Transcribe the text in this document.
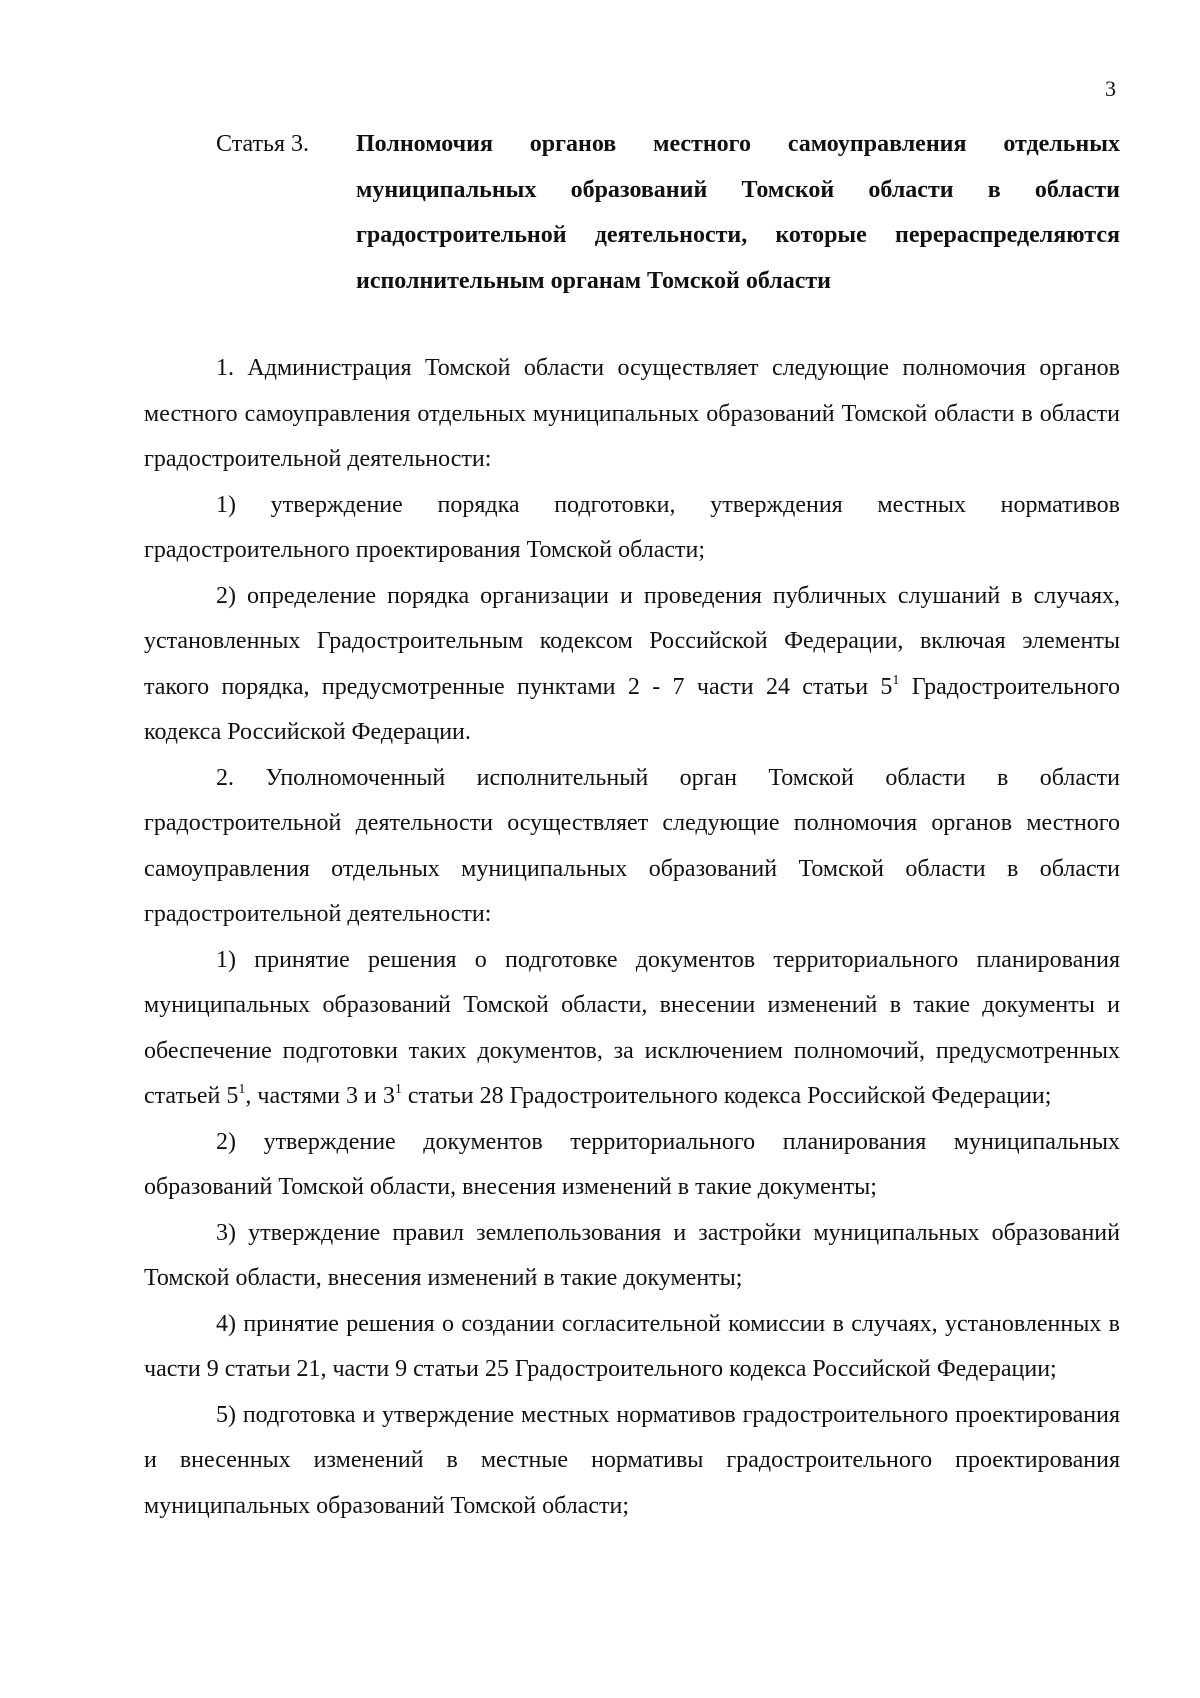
3
Статья 3.	Полномочия органов местного самоуправления отдельных муниципальных образований Томской области в области градостроительной деятельности, которые перераспределяются исполнительным органам Томской области

1. Администрация Томской области осуществляет следующие полномочия органов местного самоуправления отдельных муниципальных образований Томской области в области градостроительной деятельности:

1) утверждение порядка подготовки, утверждения местных нормативов градостроительного проектирования Томской области;

2) определение порядка организации и проведения публичных слушаний в случаях, установленных Градостроительным кодексом Российской Федерации, включая элементы такого порядка, предусмотренные пунктами 2 - 7 части 24 статьи $5^1$ Градостроительного кодекса Российской Федерации.

2. Уполномоченный исполнительный орган Томской области в области градостроительной деятельности осуществляет следующие полномочия органов местного самоуправления отдельных муниципальных образований Томской области в области градостроительной деятельности:

1) принятие решения о подготовке документов территориального планирования муниципальных образований Томской области, внесении изменений в такие документы и обеспечение подготовки таких документов, за исключением полномочий, предусмотренных статьей $5^1$, частями 3 и $3^1$ статьи 28 Градостроительного кодекса Российской Федерации;

2) утверждение документов территориального планирования муниципальных образований Томской области, внесения изменений в такие документы;

3) утверждение правил землепользования и застройки муниципальных образований Томской области, внесения изменений в такие документы;

4) принятие решения о создании согласительной комиссии в случаях, установленных в части 9 статьи 21, части 9 статьи 25 Градостроительного кодекса Российской Федерации;

5) подготовка и утверждение местных нормативов градостроительного проектирования и внесенных изменений в местные нормативы градостроительного проектирования муниципальных образований Томской области;
